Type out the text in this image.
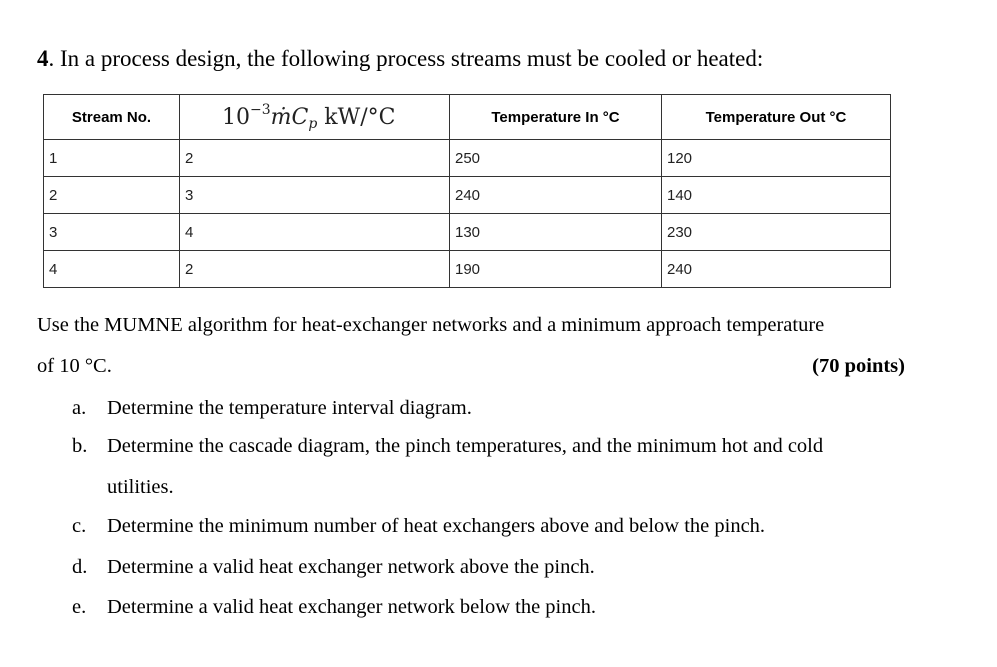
4. In a process design, the following process streams must be cooled or heated:
Stream No.	$10^{-3}ṁC_p$ kW/°C	Temperature In °C	Temperature Out °C
1	2	250	120
2	3	240	140
3	4	130	230
4	2	190	240
Use the MUMNE algorithm for heat-exchanger networks and a minimum approach temperature
of 10 °C.	(70 points)
a. Determine the temperature interval diagram.
b. Determine the cascade diagram, the pinch temperatures, and the minimum hot and cold
utilities.
c. Determine the minimum number of heat exchangers above and below the pinch.
d. Determine a valid heat exchanger network above the pinch.
e. Determine a valid heat exchanger network below the pinch.
